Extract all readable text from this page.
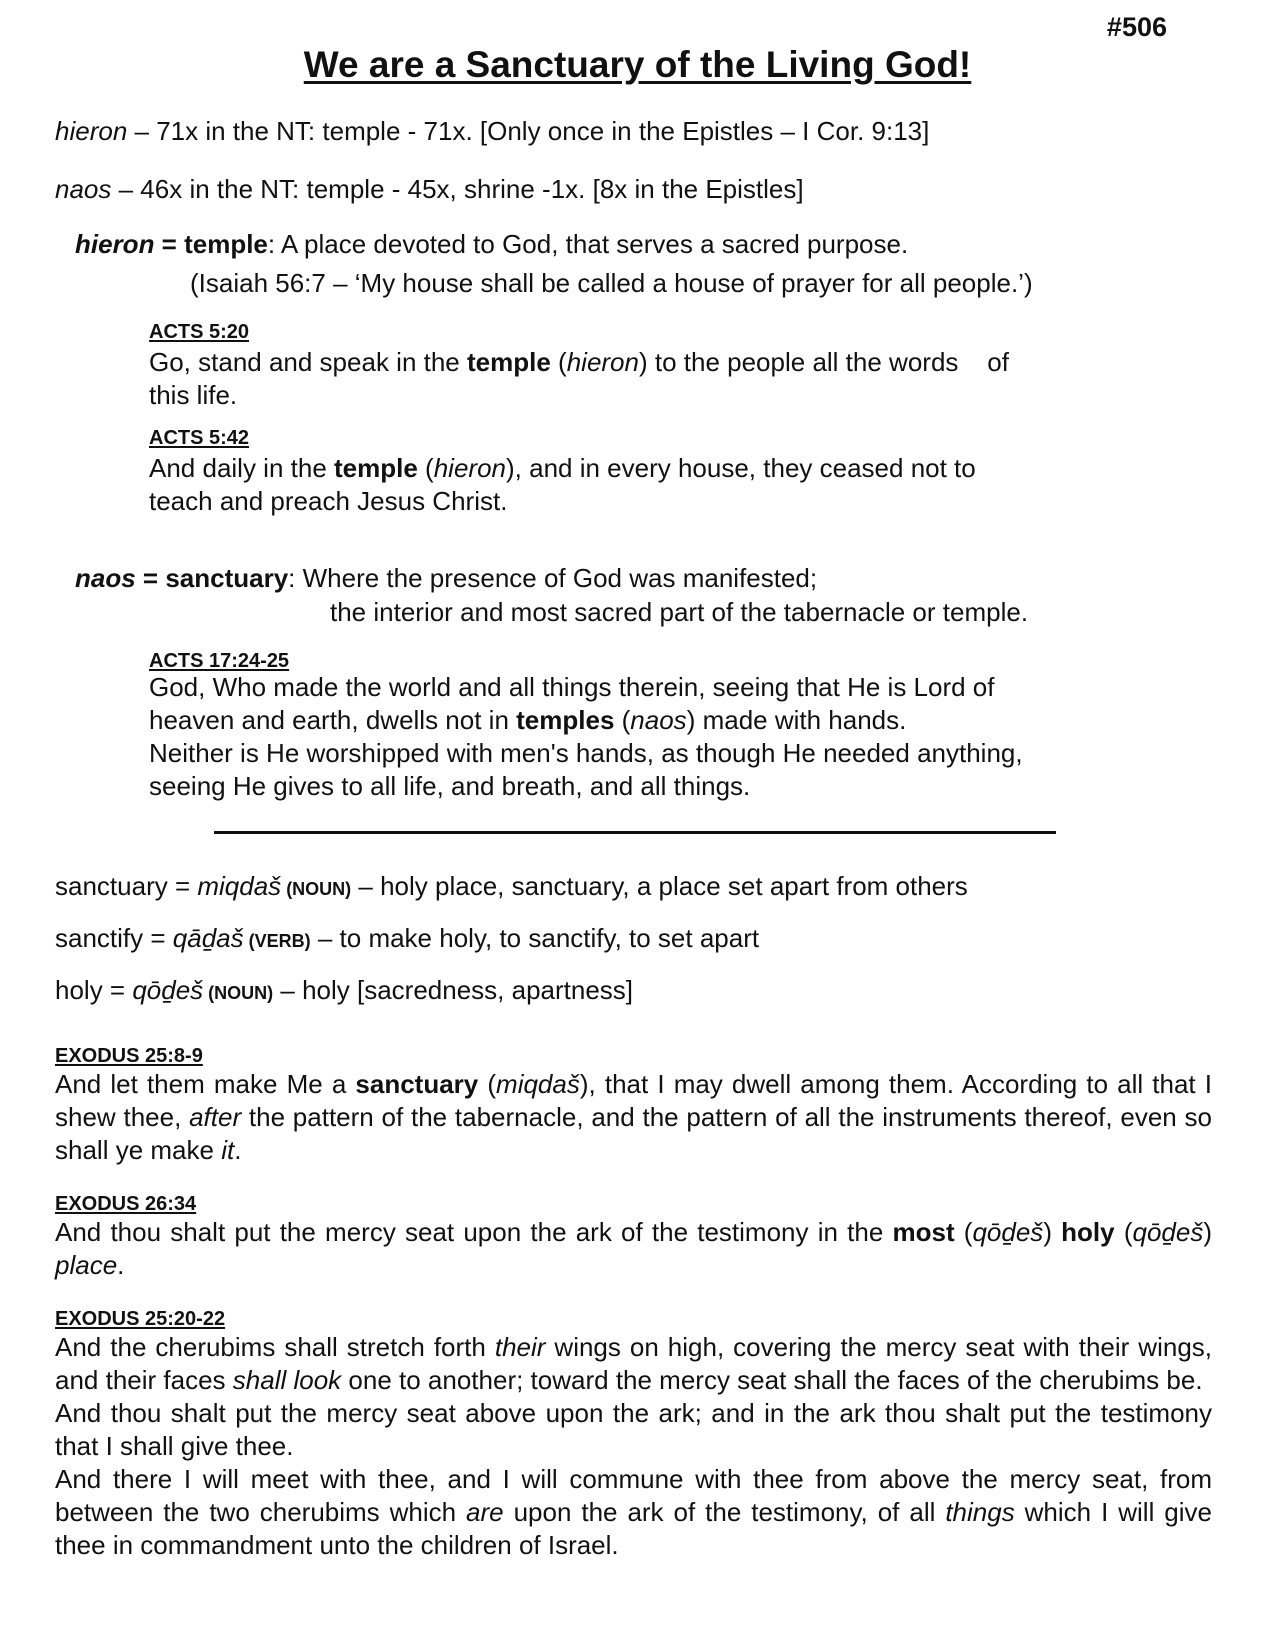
#506
We are a Sanctuary of the Living God!
hieron – 71x in the NT: temple - 71x. [Only once in the Epistles – I Cor. 9:13]
naos – 46x in the NT: temple - 45x, shrine -1x. [8x in the Epistles]
hieron = temple: A place devoted to God, that serves a sacred purpose.
(Isaiah 56:7 – ‘My house shall be called a house of prayer for all people.’)
ACTS 5:20
Go, stand and speak in the temple (hieron) to the people all the words    of
this life.
ACTS 5:42
And daily in the temple (hieron), and in every house, they ceased not to
teach and preach Jesus Christ.
naos = sanctuary: Where the presence of God was manifested;
the interior and most sacred part of the tabernacle or temple.
ACTS 17:24-25
God, Who made the world and all things therein, seeing that He is Lord of
heaven and earth, dwells not in temples (naos) made with hands.
Neither is He worshipped with men's hands, as though He needed anything,
seeing He gives to all life, and breath, and all things.
sanctuary = miqdaš (NOUN) – holy place, sanctuary, a place set apart from others
sanctify = qāḏaš (VERB) – to make holy, to sanctify, to set apart
holy = qōḏeš (NOUN) – holy [sacredness, apartness]
EXODUS 25:8-9
And let them make Me a sanctuary (miqdaš), that I may dwell among them. According to all that I shew thee, after the pattern of the tabernacle, and the pattern of all the instruments thereof, even so shall ye make it.
EXODUS 26:34
And thou shalt put the mercy seat upon the ark of the testimony in the most (qōḏeš) holy (qōḏeš) place.
EXODUS 25:20-22
And the cherubims shall stretch forth their wings on high, covering the mercy seat with their wings, and their faces shall look one to another; toward the mercy seat shall the faces of the cherubims be.
And thou shalt put the mercy seat above upon the ark; and in the ark thou shalt put the testimony that I shall give thee.
And there I will meet with thee, and I will commune with thee from above the mercy seat, from between the two cherubims which are upon the ark of the testimony, of all things which I will give thee in commandment unto the children of Israel.
